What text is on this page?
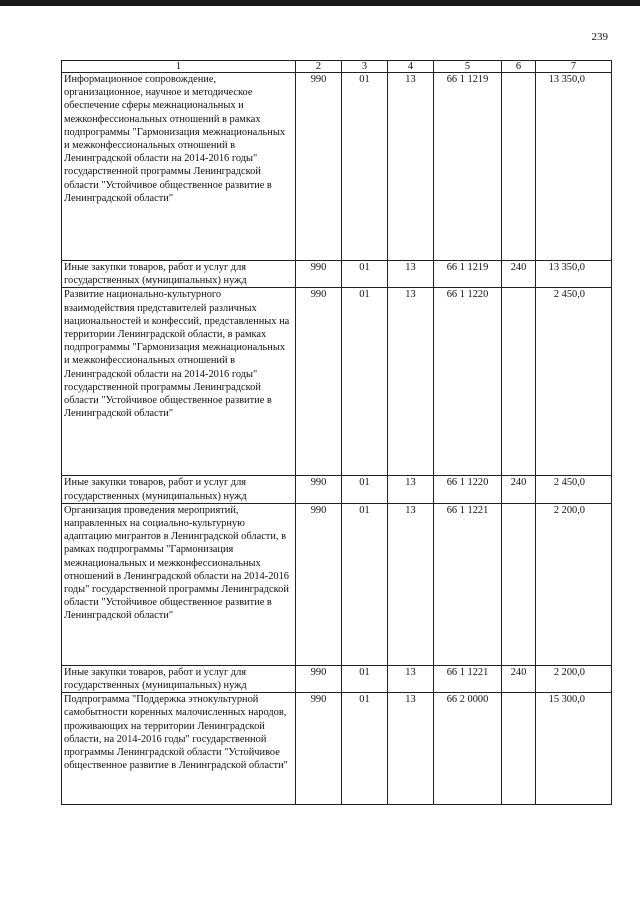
239
1	2	3	4	5	6	7
Информационное сопровождение, организационное, научное и методическое обеспечение сферы межнациональных и межконфессиональных отношений в рамках подпрограммы "Гармонизация межнациональных и межконфессиональных отношений в Ленинградской области на 2014-2016 годы" государственной программы Ленинградской области "Устойчивое общественное развитие в Ленинградской области"	990	01	13	66 1 1219		13 350,0
Иные закупки товаров, работ и услуг для государственных (муниципальных) нужд	990	01	13	66 1 1219	240	13 350,0
Развитие национально-культурного взаимодействия представителей различных национальностей и конфессий, представленных на территории Ленинградской области, в рамках подпрограммы "Гармонизация межнациональных и межконфессиональных отношений в Ленинградской области на 2014-2016 годы" государственной программы Ленинградской области "Устойчивое общественное развитие в Ленинградской области"	990	01	13	66 1 1220		2 450,0
Иные закупки товаров, работ и услуг для государственных (муниципальных) нужд	990	01	13	66 1 1220	240	2 450,0
Организация проведения мероприятий, направленных на социально-культурную адаптацию мигрантов в Ленинградской области, в рамках подпрограммы "Гармонизация межнациональных и межконфессиональных отношений в Ленинградской области на 2014-2016 годы" государственной программы Ленинградской области "Устойчивое общественное развитие в Ленинградской области"	990	01	13	66 1 1221		2 200,0
Иные закупки товаров, работ и услуг для государственных (муниципальных) нужд	990	01	13	66 1 1221	240	2 200,0
Подпрограмма "Поддержка этнокультурной самобытности коренных малочисленных народов, проживающих на территории Ленинградской области, на 2014-2016 годы" государственной программы Ленинградской области "Устойчивое общественное развитие в Ленинградской области"	990	01	13	66 2 0000		15 300,0
